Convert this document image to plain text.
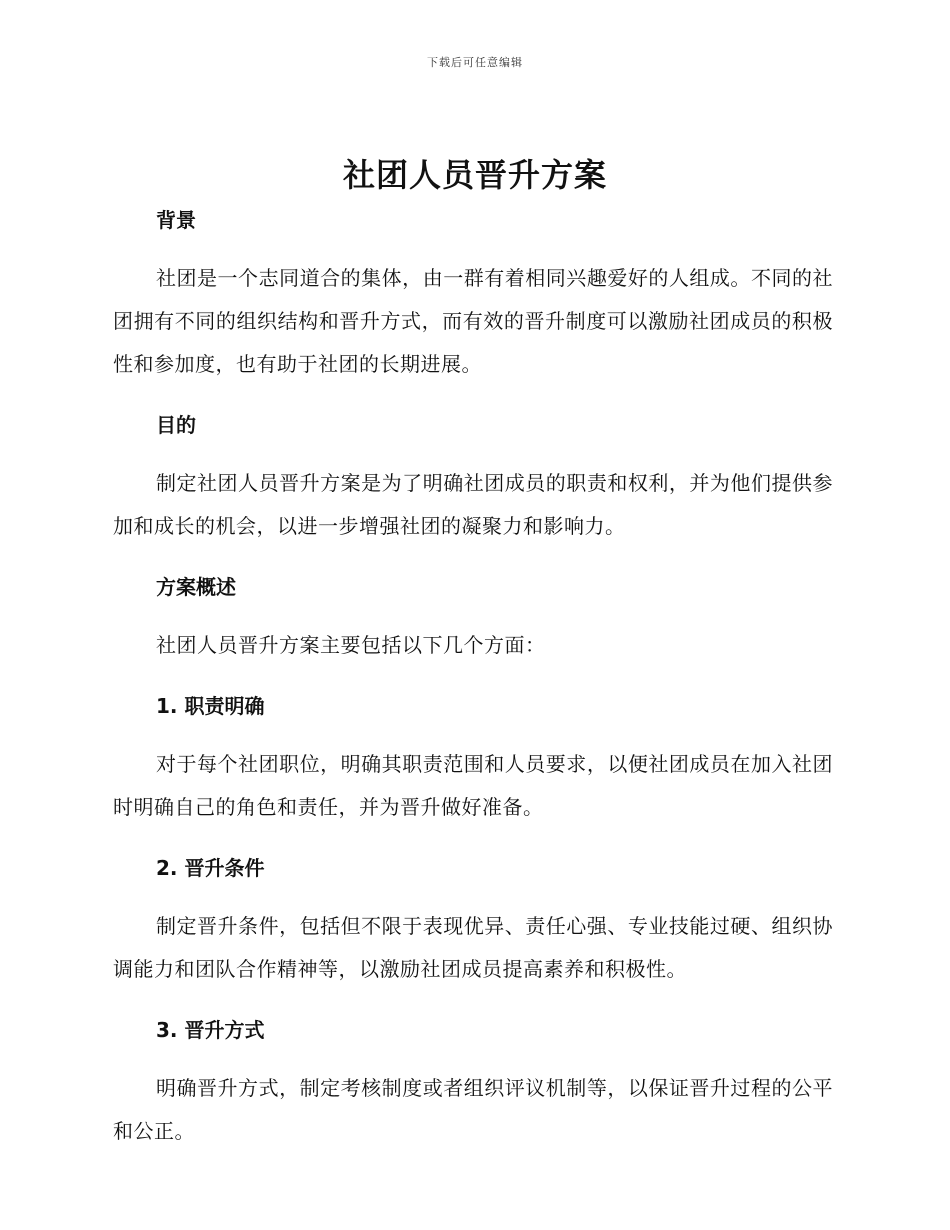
下载后可任意编辑
社团人员晋升方案
背景

社团是一个志同道合的集体，由一群有着相同兴趣爱好的人组成。不同的社团拥有不同的组织结构和晋升方式，而有效的晋升制度可以激励社团成员的积极性和参加度，也有助于社团的长期进展。

目的

制定社团人员晋升方案是为了明确社团成员的职责和权利，并为他们提供参加和成长的机会，以进一步增强社团的凝聚力和影响力。

方案概述

社团人员晋升方案主要包括以下几个方面：

1. 职责明确

对于每个社团职位，明确其职责范围和人员要求，以便社团成员在加入社团时明确自己的角色和责任，并为晋升做好准备。

2. 晋升条件

制定晋升条件，包括但不限于表现优异、责任心强、专业技能过硬、组织协调能力和团队合作精神等，以激励社团成员提高素养和积极性。

3. 晋升方式

明确晋升方式，制定考核制度或者组织评议机制等，以保证晋升过程的公平和公正。
